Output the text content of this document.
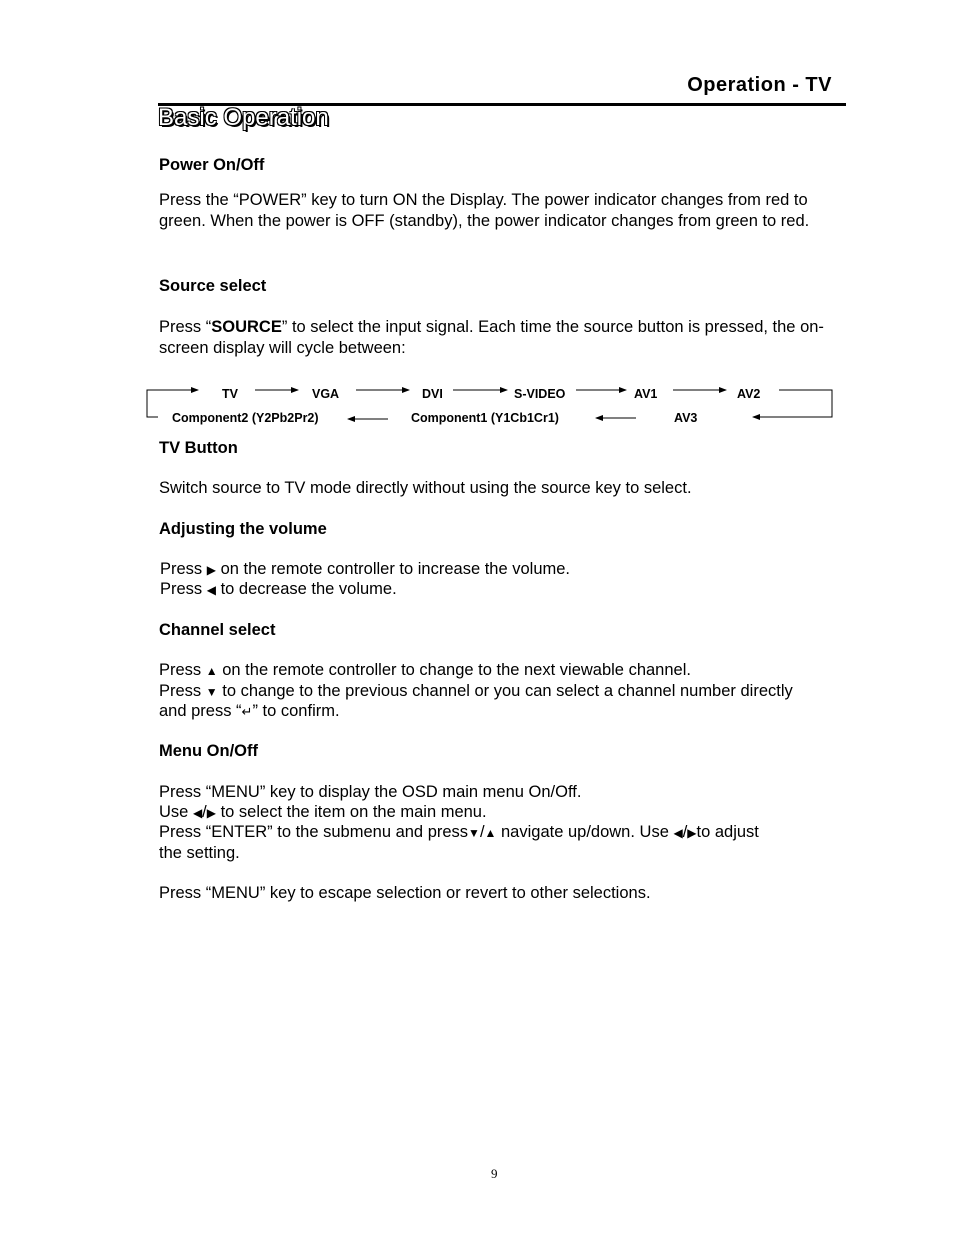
Operation - TV
Basic Operation
Power On/Off
Press the “POWER” key to turn ON the Display. The power indicator changes from red to green. When the power is OFF (standby), the power indicator changes from green to red.
Source select
Press “SOURCE” to select the input signal. Each time the source button is pressed, the on-screen display will cycle between:
TV	VGA	DVI	S-VIDEO	AV1	AV2
Component2 (Y2Pb2Pr2)	Component1 (Y1Cb1Cr1)	AV3
TV Button
Switch source to TV mode directly without using the source key to select.
Adjusting the volume
Press ▶ on the remote controller to increase the volume.
Press ◀ to decrease the volume.
Channel select
Press ▲ on the remote controller to change to the next viewable channel.
Press ▼ to change to the previous channel or you can select a channel number directly
and press “↵” to confirm.
Menu On/Off
Press “MENU” key to display the OSD main menu On/Off.
Use ◀/▶ to select the item on the main menu.
Press “ENTER” to the submenu and press▼/▲ navigate up/down. Use ◀/▶to adjust
the setting.
Press “MENU” key to escape selection or revert to other selections.
9
